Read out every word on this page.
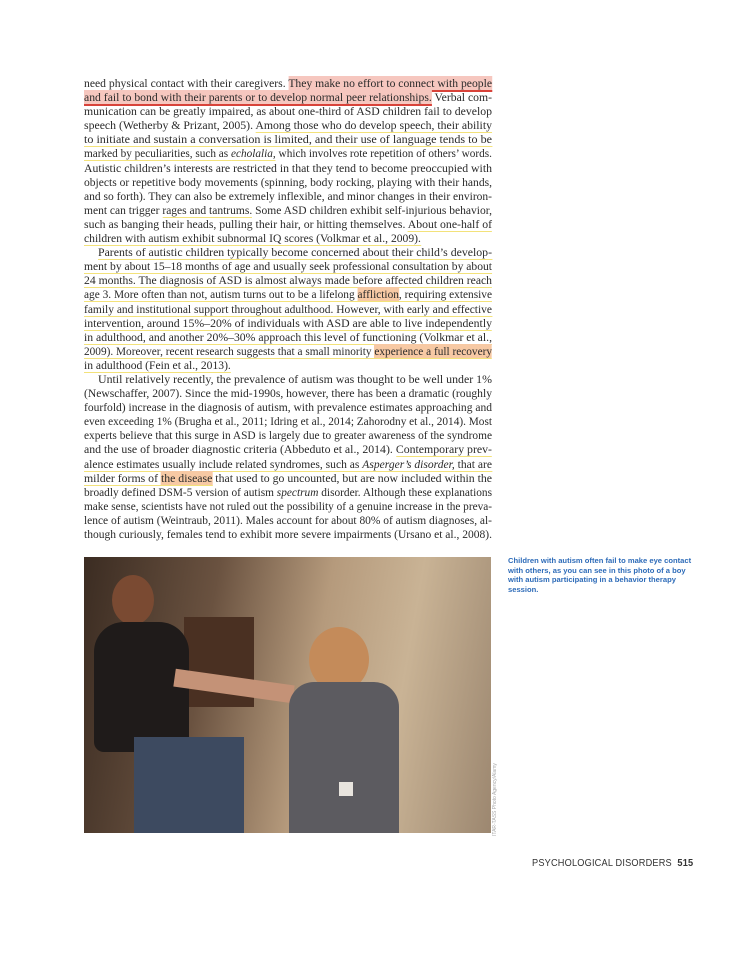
need physical contact with their caregivers. They make no effort to connect with people
and fail to bond with their parents or to develop normal peer relationships. Verbal com-
munication can be greatly impaired, as about one-third of ASD children fail to develop
speech (Wetherby & Prizant, 2005). Among those who do develop speech, their ability
to initiate and sustain a conversation is limited, and their use of language tends to be
marked by peculiarities, such as echolalia, which involves rote repetition of others’ words.
Autistic children’s interests are restricted in that they tend to become preoccupied with
objects or repetitive body movements (spinning, body rocking, playing with their hands,
and so forth). They can also be extremely inflexible, and minor changes in their environ-
ment can trigger rages and tantrums. Some ASD children exhibit self-injurious behavior,
such as banging their heads, pulling their hair, or hitting themselves. About one-half of
children with autism exhibit subnormal IQ scores (Volkmar et al., 2009).
Parents of autistic children typically become concerned about their child’s develop-
ment by about 15–18 months of age and usually seek professional consultation by about
24 months. The diagnosis of ASD is almost always made before affected children reach
age 3. More often than not, autism turns out to be a lifelong affliction, requiring extensive
family and institutional support throughout adulthood. However, with early and effective
intervention, around 15%–20% of individuals with ASD are able to live independently
in adulthood, and another 20%–30% approach this level of functioning (Volkmar et al.,
2009). Moreover, recent research suggests that a small minority experience a full recovery
in adulthood (Fein et al., 2013).
Until relatively recently, the prevalence of autism was thought to be well under 1%
(Newschaffer, 2007). Since the mid-1990s, however, there has been a dramatic (roughly
fourfold) increase in the diagnosis of autism, with prevalence estimates approaching and
even exceeding 1% (Brugha et al., 2011; Idring et al., 2014; Zahorodny et al., 2014). Most
experts believe that this surge in ASD is largely due to greater awareness of the syndrome
and the use of broader diagnostic criteria (Abbeduto et al., 2014). Contemporary prev-
alence estimates usually include related syndromes, such as Asperger’s disorder, that are
milder forms of the disease that used to go uncounted, but are now included within the
broadly defined DSM-5 version of autism spectrum disorder. Although these explanations
make sense, scientists have not ruled out the possibility of a genuine increase in the preva-
lence of autism (Weintraub, 2011). Males account for about 80% of autism diagnoses, al-
though curiously, females tend to exhibit more severe impairments (Ursano et al., 2008).
ITAR-TASS Photo Agency/Alamy
Children with autism often fail to make eye contact with others, as you can see in this photo of a boy with autism participating in a behavior therapy session.
PSYCHOLOGICAL DISORDERS 515
